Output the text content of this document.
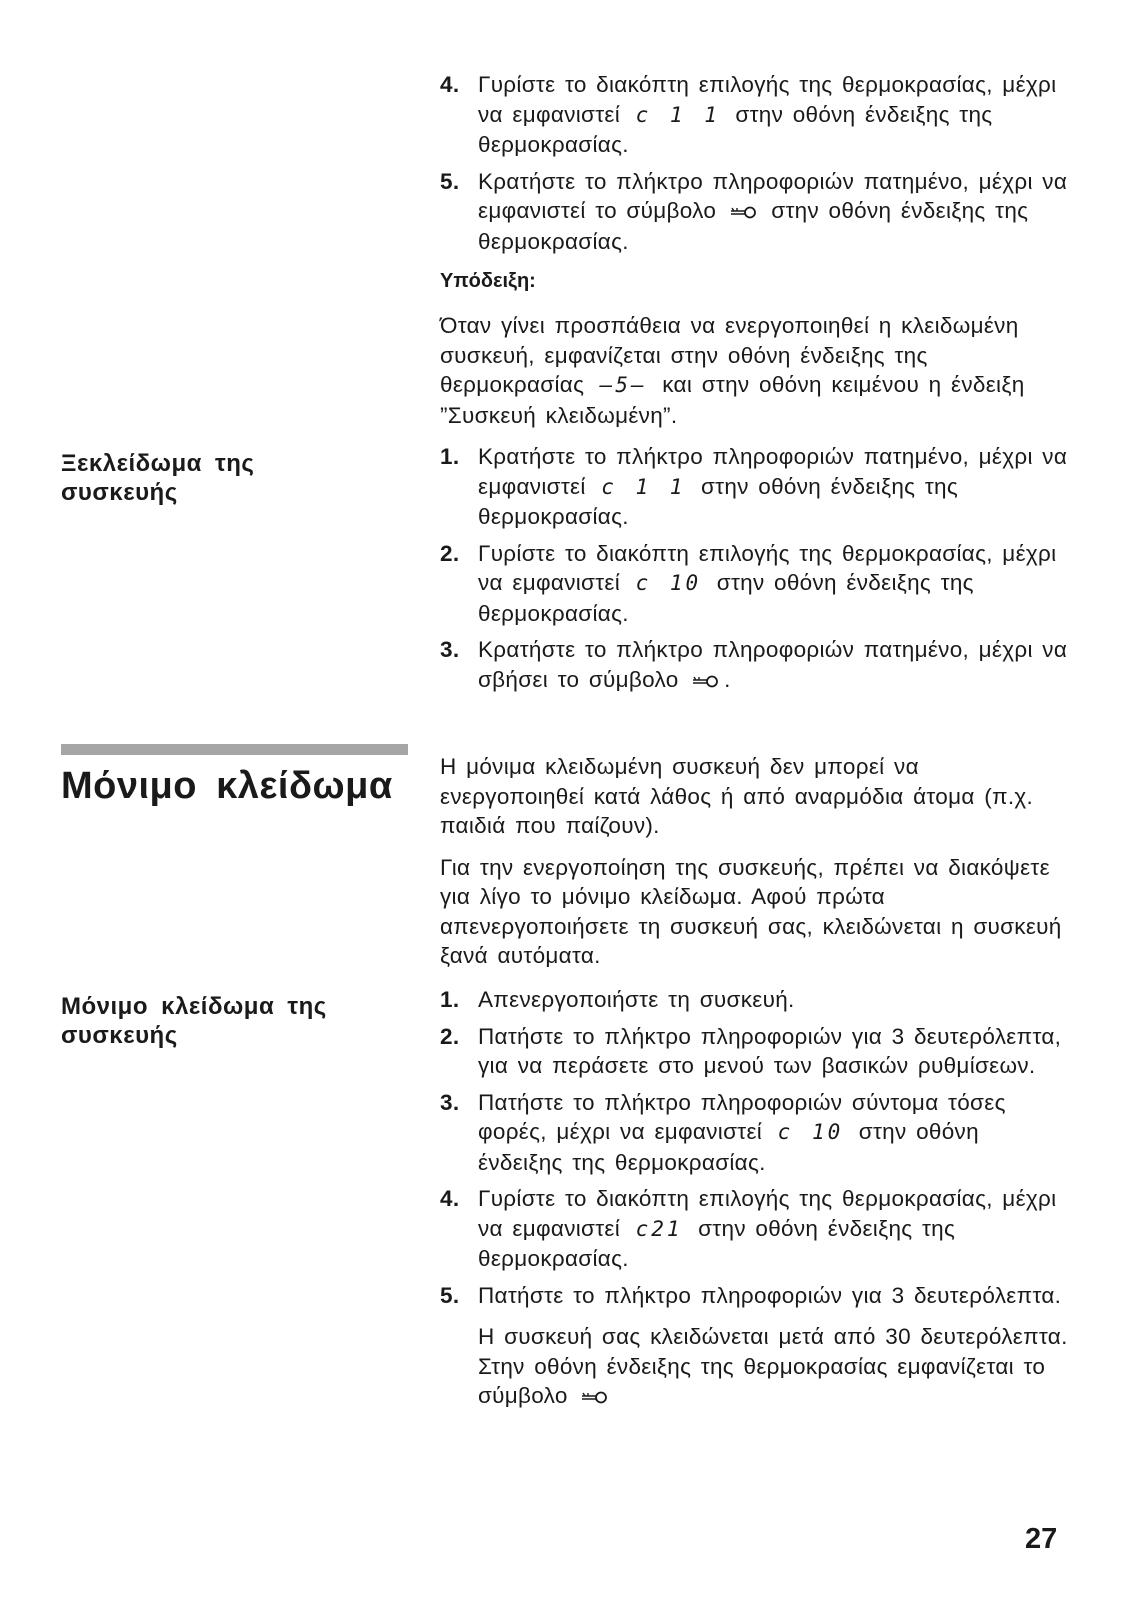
4. Γυρίστε το διακόπτη επιλογής της θερμοκρασίας, μέχρι να εμφανιστεί c 1 1 στην οθόνη ένδειξης της θερμοκρασίας.
5. Κρατήστε το πλήκτρο πληροφοριών πατημένο, μέχρι να εμφανιστεί το σύμβολο στην οθόνη ένδειξης της θερμοκρασίας.
Υπόδειξη:
Όταν γίνει προσπάθεια να ενεργοποιηθεί η κλειδωμένη συσκευή, εμφανίζεται στην οθόνη ένδειξης της θερμοκρασίας –5– και στην οθόνη κειμένου η ένδειξη ”Συσκευή κλειδωμένη”.
Ξεκλείδωμα της συσκευής
1. Κρατήστε το πλήκτρο πληροφοριών πατημένο, μέχρι να εμφανιστεί c 1 1 στην οθόνη ένδειξης της θερμοκρασίας.
2. Γυρίστε το διακόπτη επιλογής της θερμοκρασίας, μέχρι να εμφανιστεί c 10 στην οθόνη ένδειξης της θερμοκρασίας.
3. Κρατήστε το πλήκτρο πληροφοριών πατημένο, μέχρι να σβήσει το σύμβολο .
Μόνιμο κλείδωμα Η μόνιμα κλειδωμένη συσκευή δεν μπορεί να ενεργοποιηθεί κατά λάθος ή από αναρμόδια άτομα (π.χ. παιδιά που παίζουν).
Για την ενεργοποίηση της συσκευής, πρέπει να διακόψετε για λίγο το μόνιμο κλείδωμα. Αφού πρώτα απενεργοποιήσετε τη συσκευή σας, κλειδώνεται η συσκευή ξανά αυτόματα.
Μόνιμο κλείδωμα της συσκευής
1. Απενεργοποιήστε τη συσκευή.
2. Πατήστε το πλήκτρο πληροφοριών για 3 δευτερόλεπτα, για να περάσετε στο μενού των βασικών ρυθμίσεων.
3. Πατήστε το πλήκτρο πληροφοριών σύντομα τόσες φορές, μέχρι να εμφανιστεί c 10 στην οθόνη ένδειξης της θερμοκρασίας.
4. Γυρίστε το διακόπτη επιλογής της θερμοκρασίας, μέχρι να εμφανιστεί c21 στην οθόνη ένδειξης της θερμοκρασίας.
5. Πατήστε το πλήκτρο πληροφοριών για 3 δευτερόλεπτα.
Η συσκευή σας κλειδώνεται μετά από 30 δευτερόλεπτα. Στην οθόνη ένδειξης της θερμοκρασίας εμφανίζεται το σύμβολο
27
